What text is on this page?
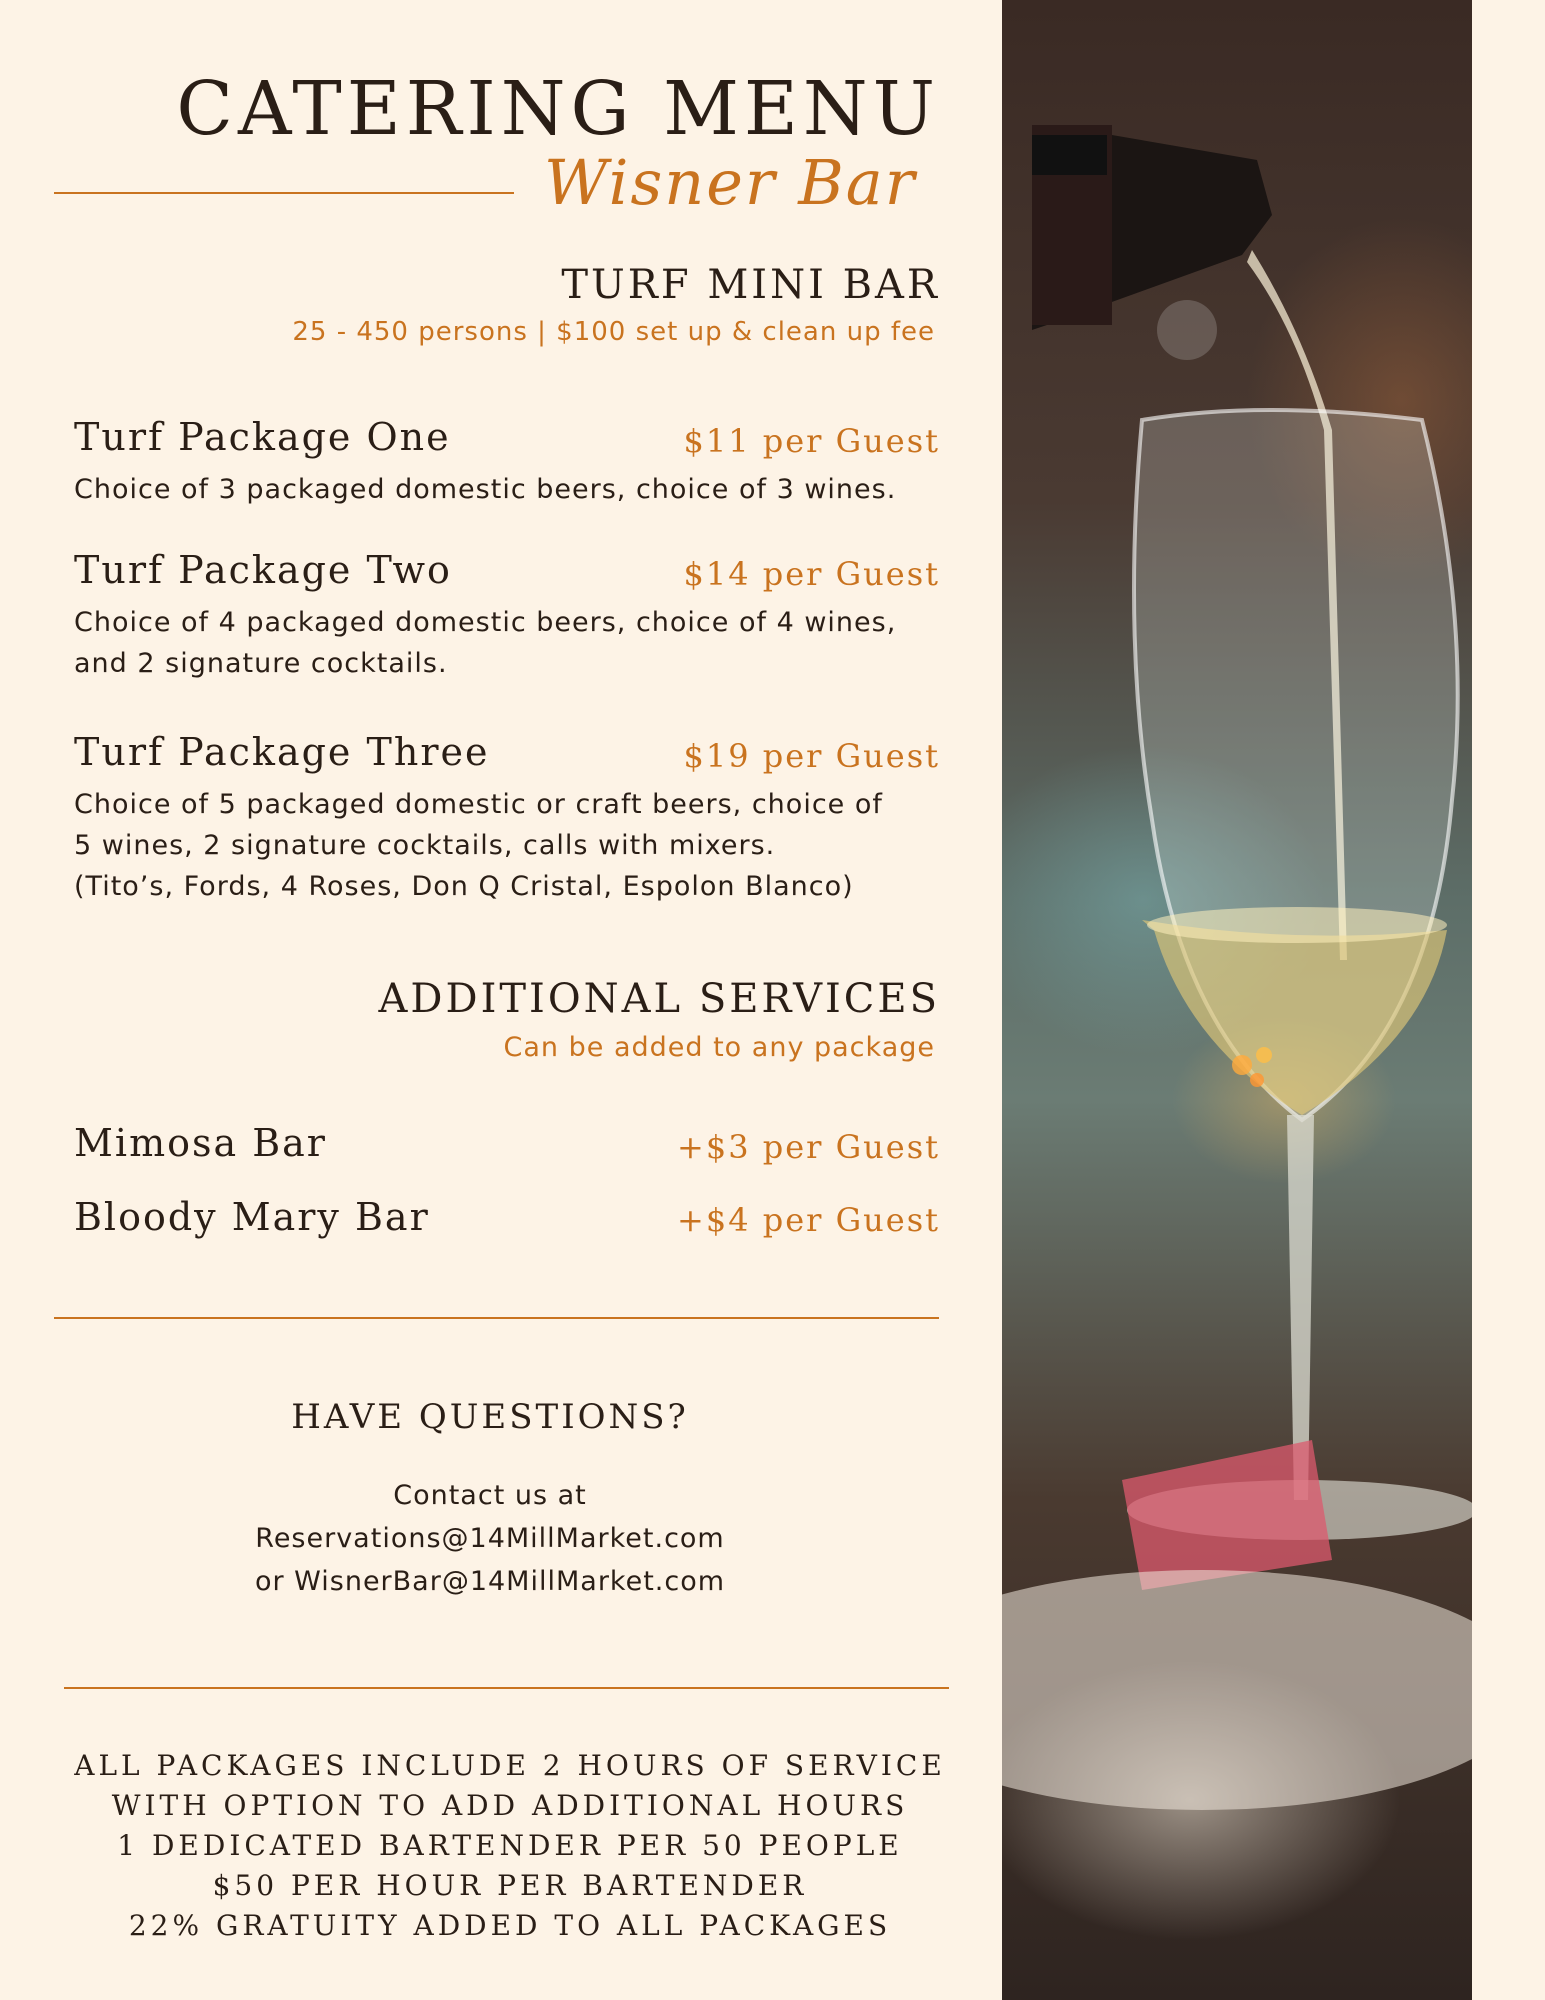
CATERING MENU
Wisner Bar
TURF MINI BAR
25 - 450 persons | $100 set up & clean up fee
Turf Package One	$11 per Guest
Choice of 3 packaged domestic beers, choice of 3 wines.
Turf Package Two	$14 per Guest
Choice of 4 packaged domestic beers, choice of 4 wines,
and 2 signature cocktails.
Turf Package Three	$19 per Guest
Choice of 5 packaged domestic or craft beers, choice of
5 wines, 2 signature cocktails, calls with mixers.
(Tito’s, Fords, 4 Roses, Don Q Cristal, Espolon Blanco)
ADDITIONAL SERVICES
Can be added to any package
Mimosa Bar	+$3 per Guest
Bloody Mary Bar	+$4 per Guest
HAVE QUESTIONS?
Contact us at
Reservations@14MillMarket.com
or WisnerBar@14MillMarket.com
ALL PACKAGES INCLUDE 2 HOURS OF SERVICE
WITH OPTION TO ADD ADDITIONAL HOURS
1 DEDICATED BARTENDER PER 50 PEOPLE
$50 PER HOUR PER BARTENDER
22% GRATUITY ADDED TO ALL PACKAGES
